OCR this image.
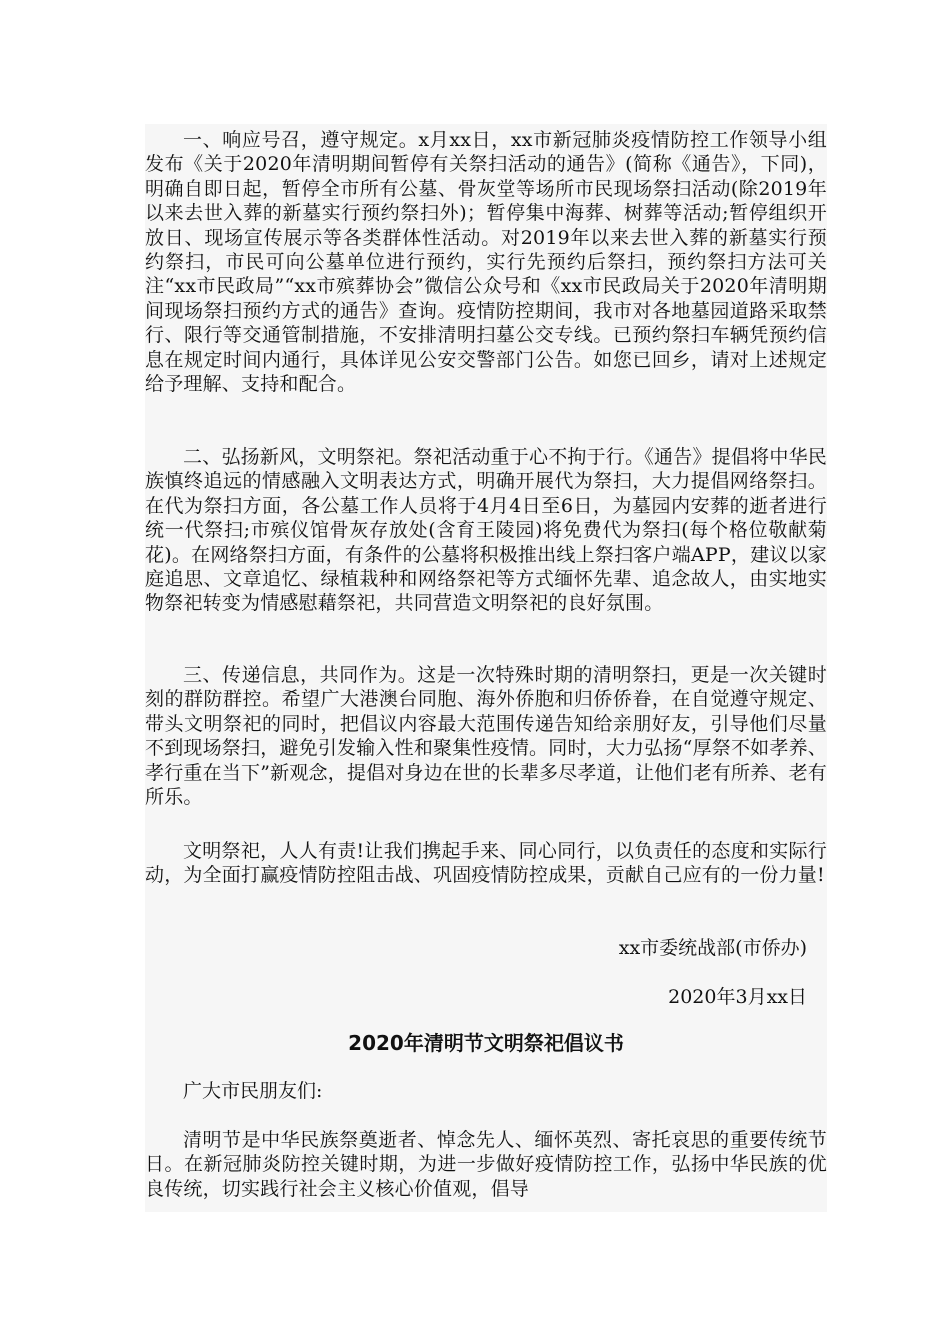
一、响应号召，遵守规定。x月xx日，xx市新冠肺炎疫情防控工作领导小组发布《关于2020年清明期间暂停有关祭扫活动的通告》(简称《通告》，下同)，明确自即日起，暂停全市所有公墓、骨灰堂等场所市民现场祭扫活动(除2019年以来去世入葬的新墓实行预约祭扫外)；暂停集中海葬、树葬等活动;暂停组织开放日、现场宣传展示等各类群体性活动。对2019年以来去世入葬的新墓实行预约祭扫，市民可向公墓单位进行预约，实行先预约后祭扫，预约祭扫方法可关注“xx市民政局”“xx市殡葬协会”微信公众号和《xx市民政局关于2020年清明期间现场祭扫预约方式的通告》查询。疫情防控期间，我市对各地墓园道路采取禁行、限行等交通管制措施，不安排清明扫墓公交专线。已预约祭扫车辆凭预约信息在规定时间内通行，具体详见公安交警部门公告。如您已回乡，请对上述规定给予理解、支持和配合。

二、弘扬新风，文明祭祀。祭祀活动重于心不拘于行。《通告》提倡将中华民族慎终追远的情感融入文明表达方式，明确开展代为祭扫，大力提倡网络祭扫。在代为祭扫方面，各公墓工作人员将于4月4日至6日，为墓园内安葬的逝者进行统一代祭扫;市殡仪馆骨灰存放处(含育王陵园)将免费代为祭扫(每个格位敬献菊花)。在网络祭扫方面，有条件的公墓将积极推出线上祭扫客户端APP，建议以家庭追思、文章追忆、绿植栽种和网络祭祀等方式缅怀先辈、追念故人，由实地实物祭祀转变为情感慰藉祭祀，共同营造文明祭祀的良好氛围。

三、传递信息，共同作为。这是一次特殊时期的清明祭扫，更是一次关键时刻的群防群控。希望广大港澳台同胞、海外侨胞和归侨侨眷，在自觉遵守规定、带头文明祭祀的同时，把倡议内容最大范围传递告知给亲朋好友，引导他们尽量不到现场祭扫，避免引发输入性和聚集性疫情。同时，大力弘扬“厚祭不如孝养、孝行重在当下”新观念，提倡对身边在世的长辈多尽孝道，让他们老有所养、老有所乐。

文明祭祀，人人有责!让我们携起手来、同心同行，以负责任的态度和实际行动，为全面打赢疫情防控阻击战、巩固疫情防控成果，贡献自己应有的一份力量!

xx市委统战部(市侨办)

2020年3月xx日

2020年清明节文明祭祀倡议书

广大市民朋友们:

清明节是中华民族祭奠逝者、悼念先人、缅怀英烈、寄托哀思的重要传统节日。在新冠肺炎防控关键时期，为进一步做好疫情防控工作，弘扬中华民族的优良传统，切实践行社会主义核心价值观，倡导
